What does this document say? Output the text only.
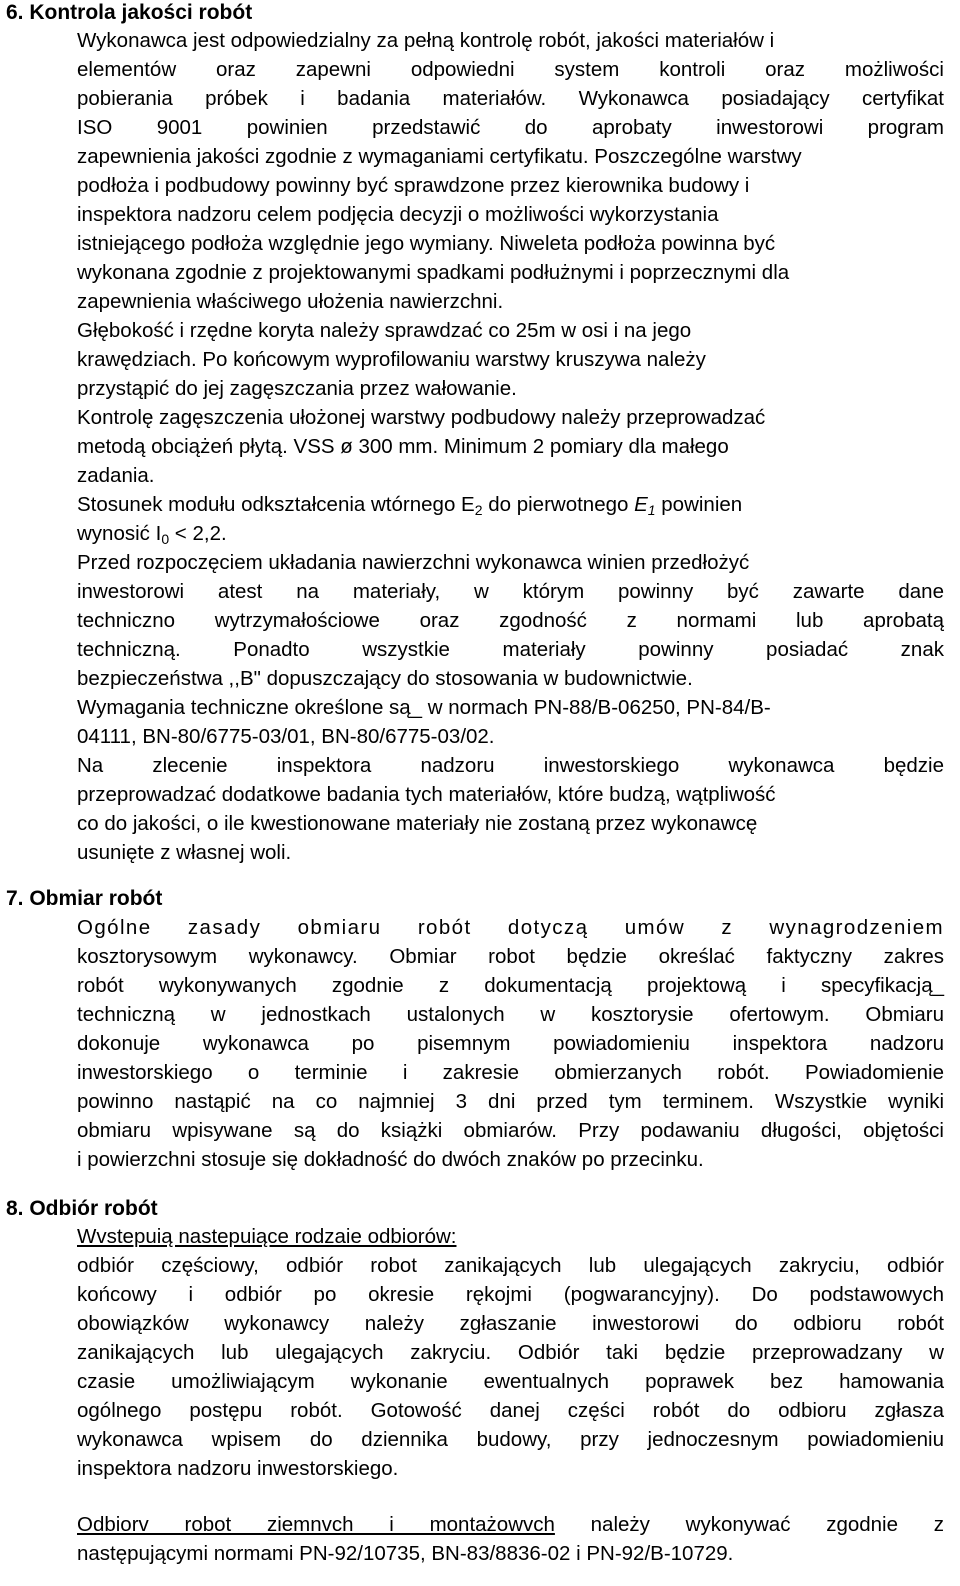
6. Kontrola jakości robót
Wykonawca jest odpowiedzialny za pełną kontrolę robót, jakości materiałów i
elementów oraz zapewni odpowiedni system kontroli oraz możliwości
pobierania próbek i badania materiałów. Wykonawca posiadający certyfikat
ISO 9001 powinien przedstawić do aprobaty inwestorowi program
zapewnienia jakości zgodnie z wymaganiami certyfikatu. Poszczególne warstwy
podłoża i podbudowy powinny być sprawdzone przez kierownika budowy i
inspektora nadzoru celem podjęcia decyzji o możliwości wykorzystania
istniejącego podłoża względnie jego wymiany. Niweleta podłoża powinna być
wykonana zgodnie z projektowanymi spadkami podłużnymi i poprzecznymi dla
zapewnienia właściwego ułożenia nawierzchni.
Głębokość i rzędne koryta należy sprawdzać co 25m w osi i na jego
krawędziach. Po końcowym wyprofilowaniu warstwy kruszywa należy
przystąpić do jej zagęszczania przez wałowanie.
Kontrolę zagęszczenia ułożonej warstwy podbudowy należy przeprowadzać
metodą obciążeń płytą. VSS ø 300 mm. Minimum 2 pomiary dla małego
zadania.
Stosunek modułu odkształcenia wtórnego $E_2$ do pierwotnego $E_1$ powinien
wynosić $I_0 < 2,2$.
Przed rozpoczęciem układania nawierzchni wykonawca winien przedłożyć
inwestorowi atest na materiały, w którym powinny być zawarte dane
techniczno wytrzymałościowe oraz zgodność z normami lub aprobatą
techniczną. Ponadto wszystkie materiały powinny posiadać znak
bezpieczeństwa ,,B" dopuszczający do stosowania w budownictwie.
Wymagania techniczne określone są_ w normach PN-88/B-06250, PN-84/B-
04111, BN-80/6775-03/01, BN-80/6775-03/02.
Na zlecenie inspektora nadzoru inwestorskiego wykonawca będzie
przeprowadzać dodatkowe badania tych materiałów, które budzą, wątpliwość
co do jakości, o ile kwestionowane materiały nie zostaną przez wykonawcę
usunięte z własnej woli.
7. Obmiar robót
Ogólne zasady obmiaru robót dotyczą umów z wynagrodzeniem
kosztorysowym wykonawcy. Obmiar robot będzie określać faktyczny zakres
robót wykonywanych zgodnie z dokumentacją projektową i specyfikacją_
techniczną w jednostkach ustalonych w kosztorysie ofertowym. Obmiaru
dokonuje wykonawca po pisemnym powiadomieniu inspektora nadzoru
inwestorskiego o terminie i zakresie obmierzanych robót. Powiadomienie
powinno nastąpić na co najmniej 3 dni przed tym terminem. Wszystkie wyniki
obmiaru wpisywane są do książki obmiarów. Przy podawaniu długości, objętości
i powierzchni stosuje się dokładność do dwóch znaków po przecinku.
8. Odbiór robót
Wvstepuią nastepuiące rodzaie odbiorów:
odbiór częściowy, odbiór robot zanikających lub ulegających zakryciu, odbiór
końcowy i odbiór po okresie rękojmi (pogwarancyjny). Do podstawowych
obowiązków wykonawcy należy zgłaszanie inwestorowi do odbioru robót
zanikających lub ulegających zakryciu. Odbiór taki będzie przeprowadzany w
czasie umożliwiającym wykonanie ewentualnych poprawek bez hamowania
ogólnego postępu robót. Gotowość danej części robót do odbioru zgłasza
wykonawca wpisem do dziennika budowy, przy jednoczesnym powiadomieniu
inspektora nadzoru inwestorskiego.
Odbiorv robot ziemnvch i montażowvch należy wykonywać zgodnie z
następującymi normami PN-92/10735, BN-83/8836-02 i PN-92/B-10729.
